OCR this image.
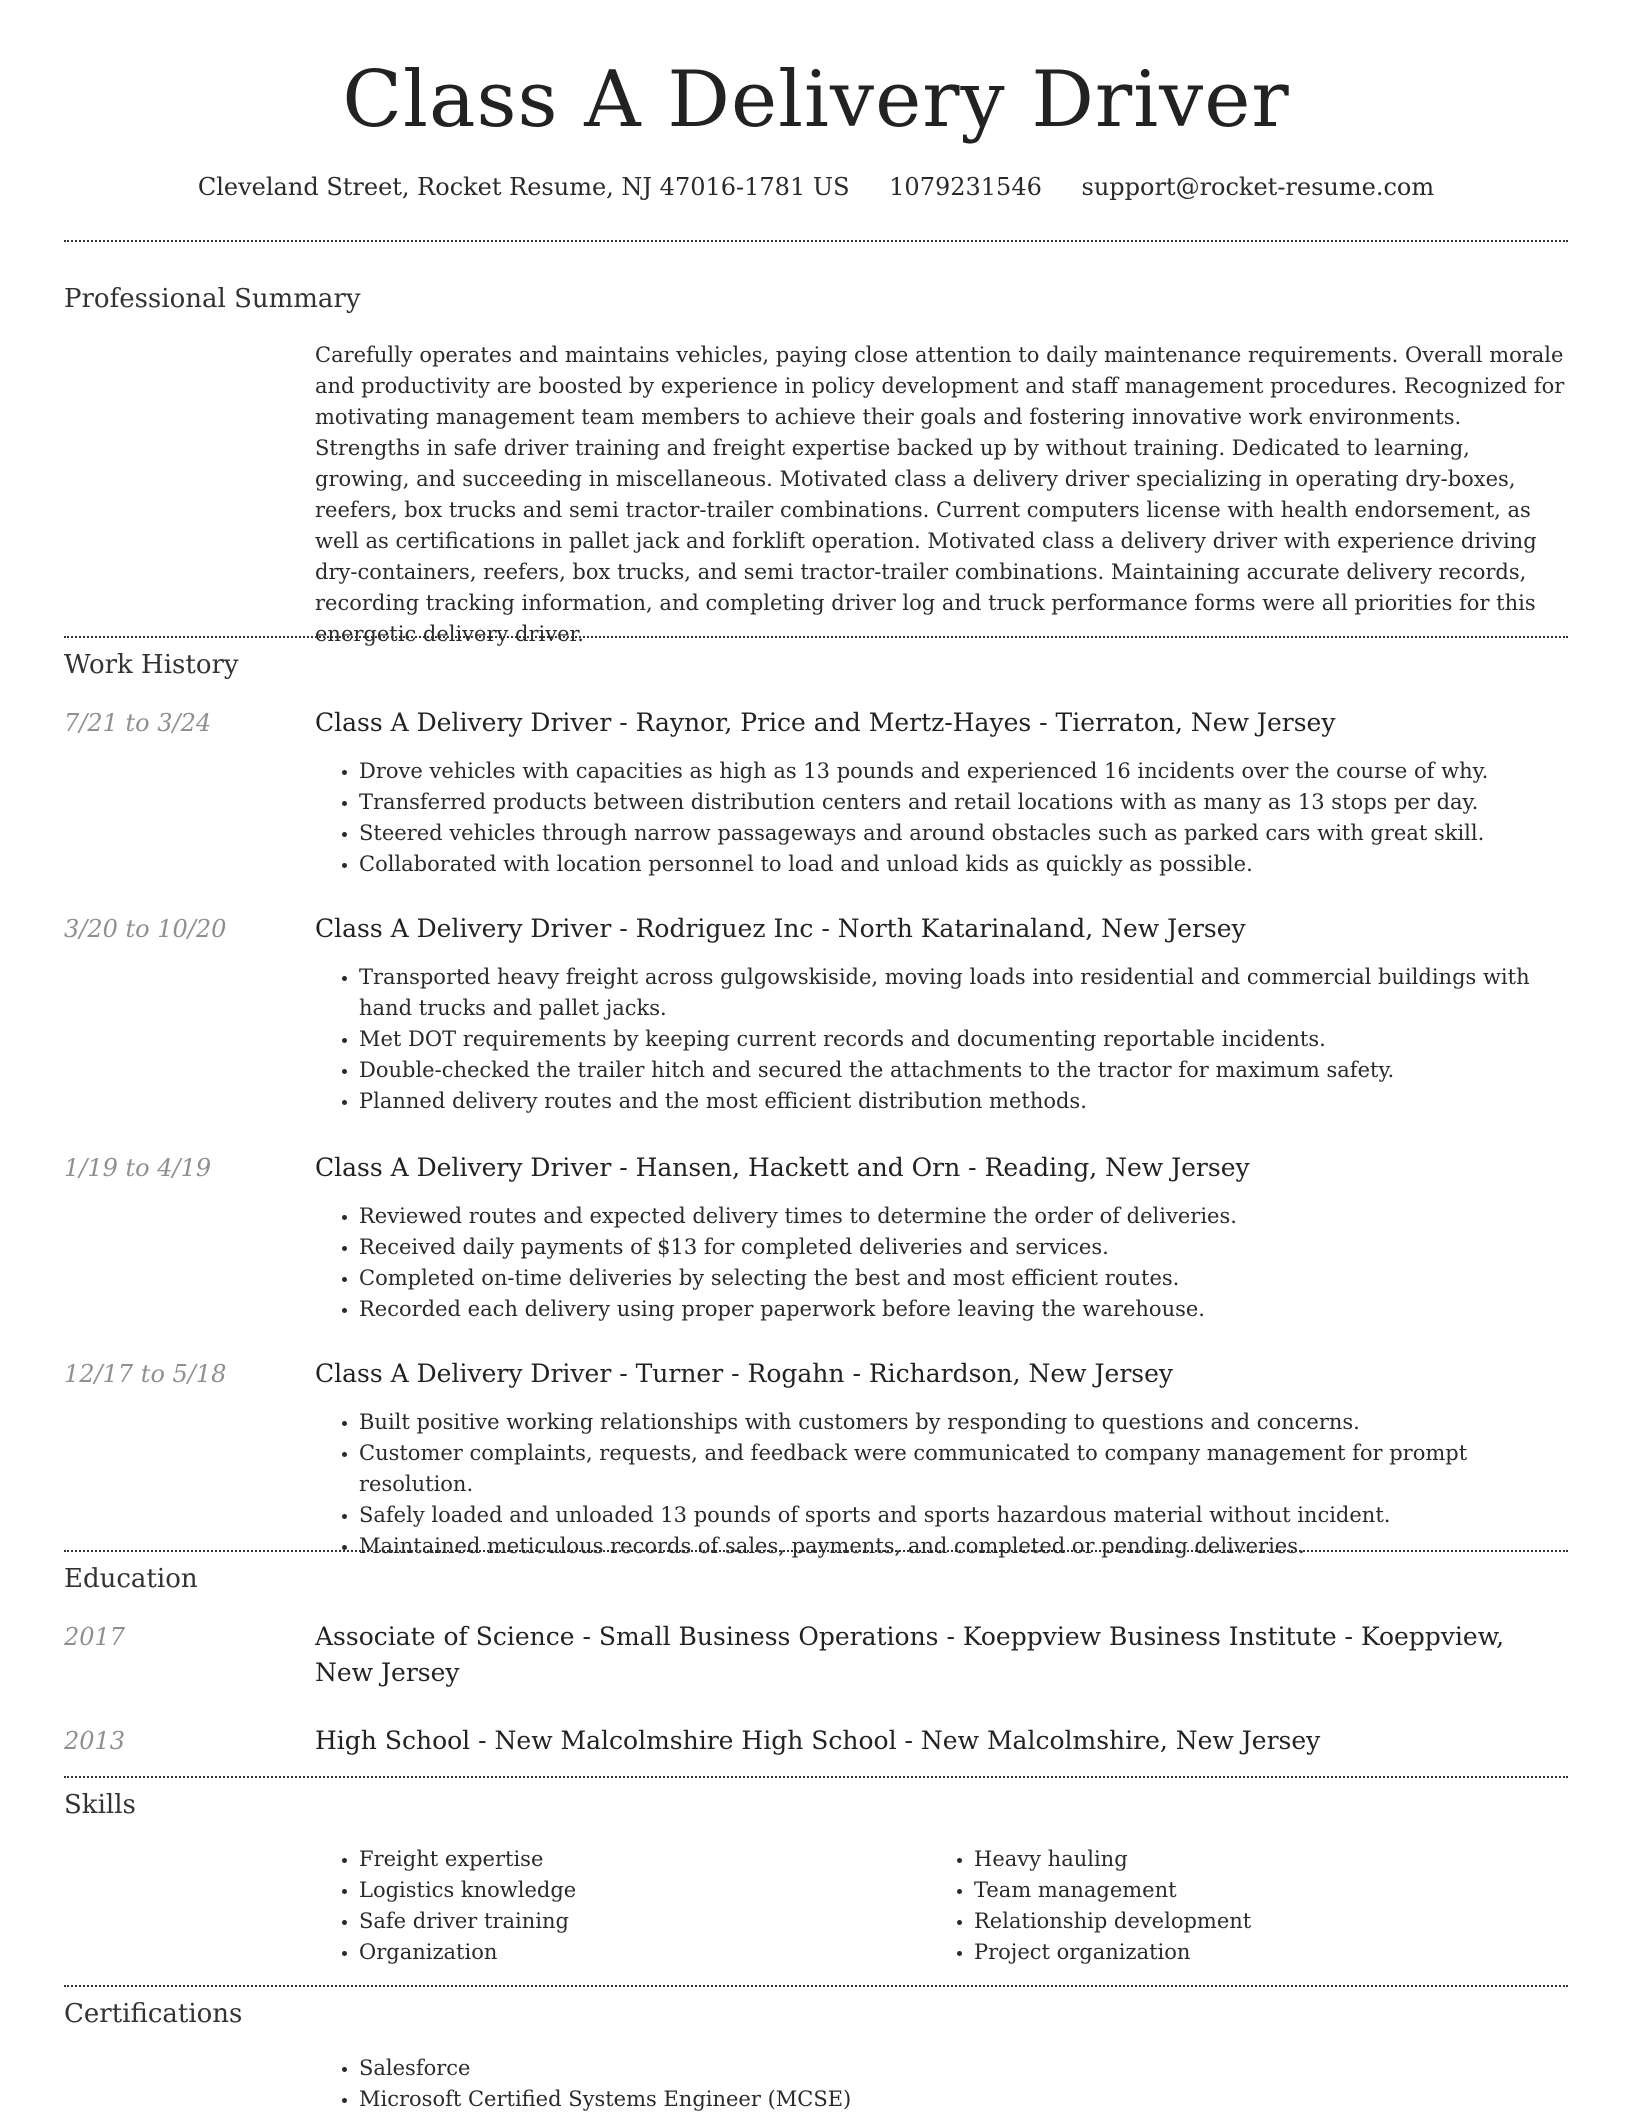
Class A Delivery Driver
Cleveland Street, Rocket Resume, NJ 47016-1781 US 1079231546 support@rocket-resume.com
Professional Summary

Carefully operates and maintains vehicles, paying close attention to daily maintenance requirements. Overall morale and productivity are boosted by experience in policy development and staff management procedures. Recognized for motivating management team members to achieve their goals and fostering innovative work environments. Strengths in safe driver training and freight expertise backed up by without training. Dedicated to learning, growing, and succeeding in miscellaneous. Motivated class a delivery driver specializing in operating dry-boxes, reefers, box trucks and semi tractor-trailer combinations. Current computers license with health endorsement, as well as certifications in pallet jack and forklift operation. Motivated class a delivery driver with experience driving dry-containers, reefers, box trucks, and semi tractor-trailer combinations. Maintaining accurate delivery records, recording tracking information, and completing driver log and truck performance forms were all priorities for this energetic delivery driver.

Work History
7/21 to 3/24	Class A Delivery Driver - Raynor, Price and Mertz-Hayes - Tierraton, New Jersey
• Drove vehicles with capacities as high as 13 pounds and experienced 16 incidents over the course of why.
• Transferred products between distribution centers and retail locations with as many as 13 stops per day.
• Steered vehicles through narrow passageways and around obstacles such as parked cars with great skill.
• Collaborated with location personnel to load and unload kids as quickly as possible.
3/20 to 10/20	Class A Delivery Driver - Rodriguez Inc - North Katarinaland, New Jersey
• Transported heavy freight across gulgowskiside, moving loads into residential and commercial buildings with hand trucks and pallet jacks.
• Met DOT requirements by keeping current records and documenting reportable incidents.
• Double-checked the trailer hitch and secured the attachments to the tractor for maximum safety.
• Planned delivery routes and the most efficient distribution methods.
1/19 to 4/19	Class A Delivery Driver - Hansen, Hackett and Orn - Reading, New Jersey
• Reviewed routes and expected delivery times to determine the order of deliveries.
• Received daily payments of $13 for completed deliveries and services.
• Completed on-time deliveries by selecting the best and most efficient routes.
• Recorded each delivery using proper paperwork before leaving the warehouse.
12/17 to 5/18	Class A Delivery Driver - Turner - Rogahn - Richardson, New Jersey
• Built positive working relationships with customers by responding to questions and concerns.
• Customer complaints, requests, and feedback were communicated to company management for prompt resolution.
• Safely loaded and unloaded 13 pounds of sports and sports hazardous material without incident.
• Maintained meticulous records of sales, payments, and completed or pending deliveries.
Education
2017	Associate of Science - Small Business Operations - Koeppview Business Institute - Koeppview, New Jersey
2013	High School - New Malcolmshire High School - New Malcolmshire, New Jersey
Skills
• Freight expertise
• Logistics knowledge
• Safe driver training
• Organization
• Heavy hauling
• Team management
• Relationship development
• Project organization
Certifications
• Salesforce
• Microsoft Certified Systems Engineer (MCSE)
